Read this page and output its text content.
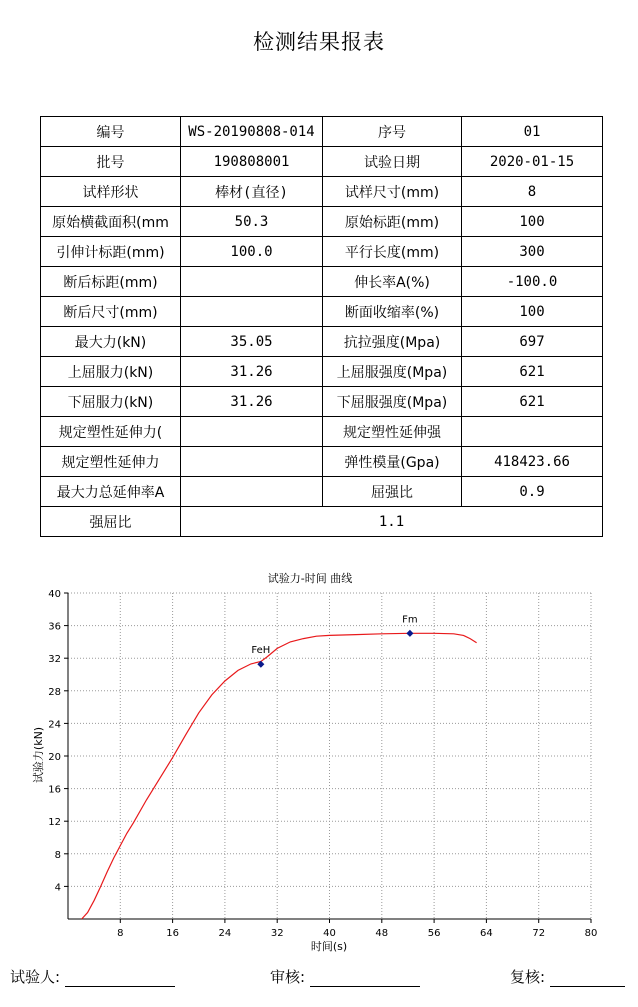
检测结果报表
编号	WS-20190808-014	序号	01
批号	190808001	试验日期	2020-01-15
试样形状	棒材(直径)	试样尺寸(mm)	8
原始横截面积(mm	50.3	原始标距(mm)	100
引伸计标距(mm)	100.0	平行长度(mm)	300
断后标距(mm)		伸长率A(%)	-100.0
断后尺寸(mm)		断面收缩率(%)	100
最大力(kN)	35.05	抗拉强度(Mpa)	697
上屈服力(kN)	31.26	上屈服强度(Mpa)	621
下屈服力(kN)	31.26	下屈服强度(Mpa)	621
规定塑性延伸力(		规定塑性延伸强	
规定塑性延伸力		弹性模量(Gpa)	418423.66
最大力总延伸率A		屈强比	0.9
强屈比	1.1		
试验力-时间 曲线
8	16	24	32	40	48	56	64	72	80
4
8
12
16
20
24
28
32
36
40
时间(s)
试验力(kN)
FeH
Fm
试验人:	审核:	复核:
